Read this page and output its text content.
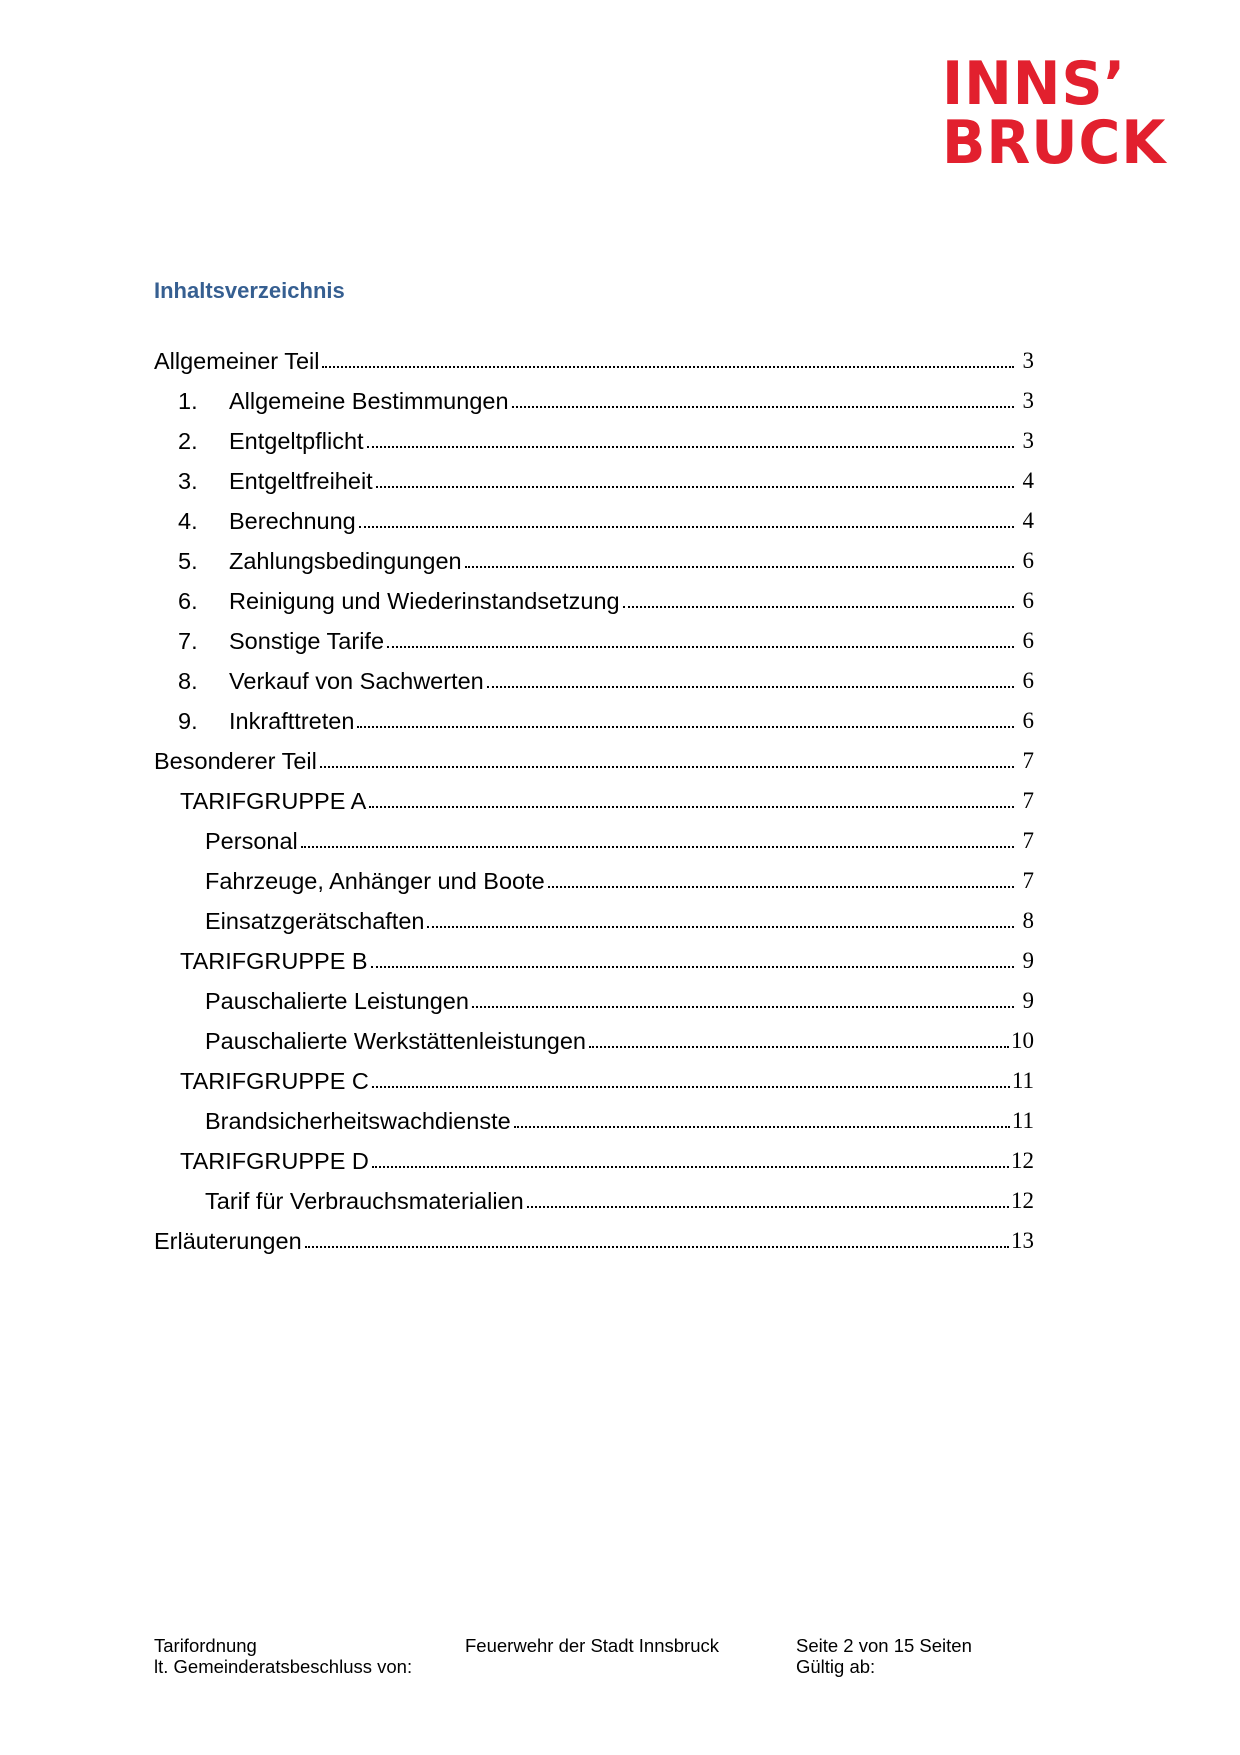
INNS’
BRUCK
Inhaltsverzeichnis
Allgemeiner Teil	3
1.	Allgemeine Bestimmungen	3
2.	Entgeltpflicht	3
3.	Entgeltfreiheit	4
4.	Berechnung	4
5.	Zahlungsbedingungen	6
6.	Reinigung und Wiederinstandsetzung	6
7.	Sonstige Tarife	6
8.	Verkauf von Sachwerten	6
9.	Inkrafttreten	6
Besonderer Teil	7
TARIFGRUPPE A	7
Personal	7
Fahrzeuge, Anhänger und Boote	7
Einsatzgerätschaften	8
TARIFGRUPPE B	9
Pauschalierte Leistungen	9
Pauschalierte Werkstättenleistungen	10
TARIFGRUPPE C	11
Brandsicherheitswachdienste	11
TARIFGRUPPE D	12
Tarif für Verbrauchsmaterialien	12
Erläuterungen	13
Tarifordnung
lt. Gemeinderatsbeschluss von:
Feuerwehr der Stadt Innsbruck	Seite 2 von 15 Seiten
Gültig ab:
